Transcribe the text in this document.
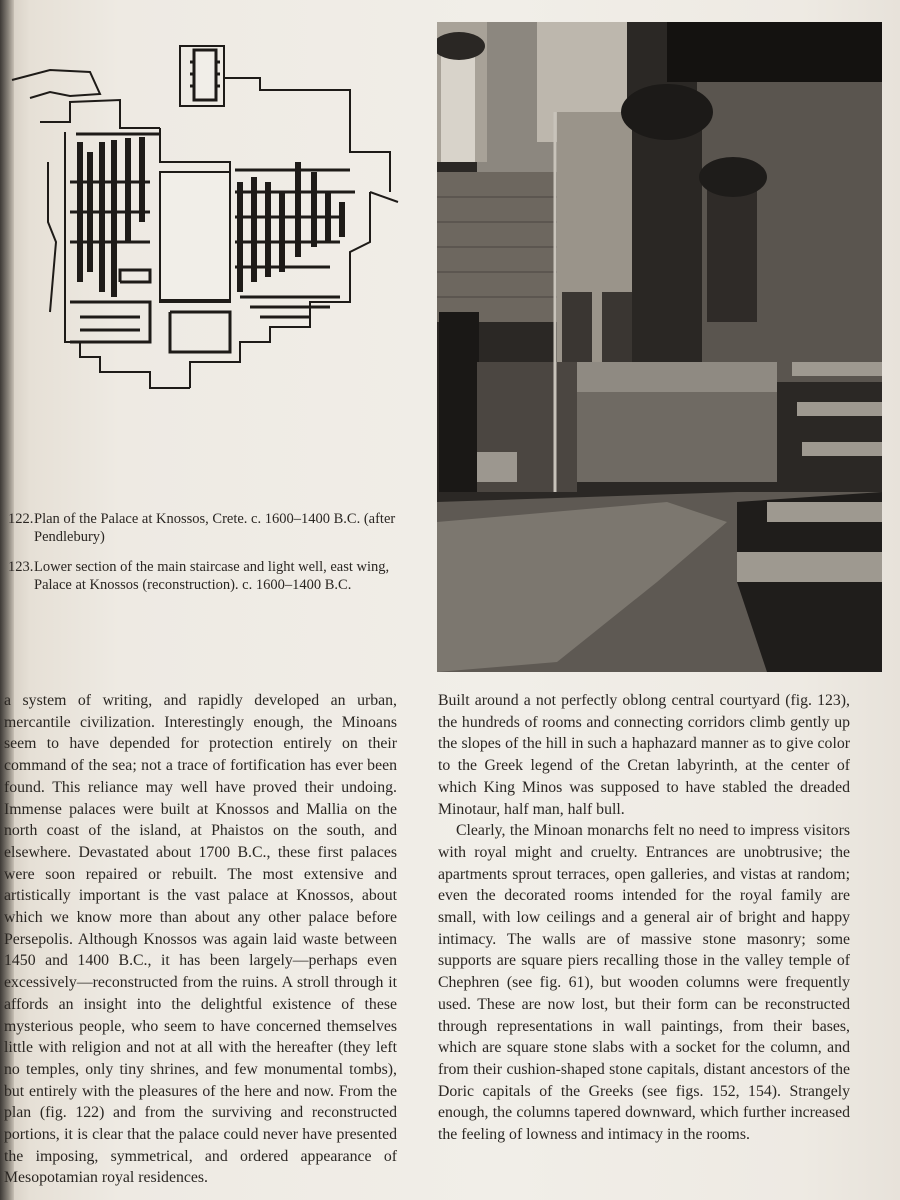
122. Plan of the Palace at Knossos, Crete. c. 1600–1400 B.C. (after Pendlebury)
123. Lower section of the main staircase and light well, east wing, Palace at Knossos (reconstruction). c. 1600–1400 B.C.

a system of writing, and rapidly developed an urban, mercantile civilization. Interestingly enough, the Minoans seem to have depended for protection entirely on their command of the sea; not a trace of fortification has ever been found. This reliance may well have proved their undoing. Immense palaces were built at Knossos and Mallia on the north coast of the island, at Phaistos on the south, and elsewhere. Devastated about 1700 B.C., these first palaces were soon repaired or rebuilt. The most extensive and artistically important is the vast palace at Knossos, about which we know more than about any other palace before Persepolis. Although Knossos was again laid waste between 1450 and 1400 B.C., it has been largely—perhaps even excessively—reconstructed from the ruins. A stroll through it affords an insight into the delightful existence of these mysterious people, who seem to have concerned themselves little with religion and not at all with the hereafter (they left no temples, only tiny shrines, and few monumental tombs), but entirely with the pleasures of the here and now. From the plan (fig. 122) and from the surviving and reconstructed portions, it is clear that the palace could never have presented the imposing, symmetrical, and ordered appearance of Mesopotamian royal residences.

Built around a not perfectly oblong central courtyard (fig. 123), the hundreds of rooms and connecting corridors climb gently up the slopes of the hill in such a haphazard manner as to give color to the Greek legend of the Cretan labyrinth, at the center of which King Minos was supposed to have stabled the dreaded Minotaur, half man, half bull.

Clearly, the Minoan monarchs felt no need to impress visitors with royal might and cruelty. Entrances are unobtrusive; the apartments sprout terraces, open galleries, and vistas at random; even the decorated rooms intended for the royal family are small, with low ceilings and a general air of bright and happy intimacy. The walls are of massive stone masonry; some supports are square piers recalling those in the valley temple of Chephren (see fig. 61), but wooden columns were frequently used. These are now lost, but their form can be reconstructed through representations in wall paintings, from their bases, which are square stone slabs with a socket for the column, and from their cushion-shaped stone capitals, distant ancestors of the Doric capitals of the Greeks (see figs. 152, 154). Strangely enough, the columns tapered downward, which further increased the feeling of lowness and intimacy in the rooms.
